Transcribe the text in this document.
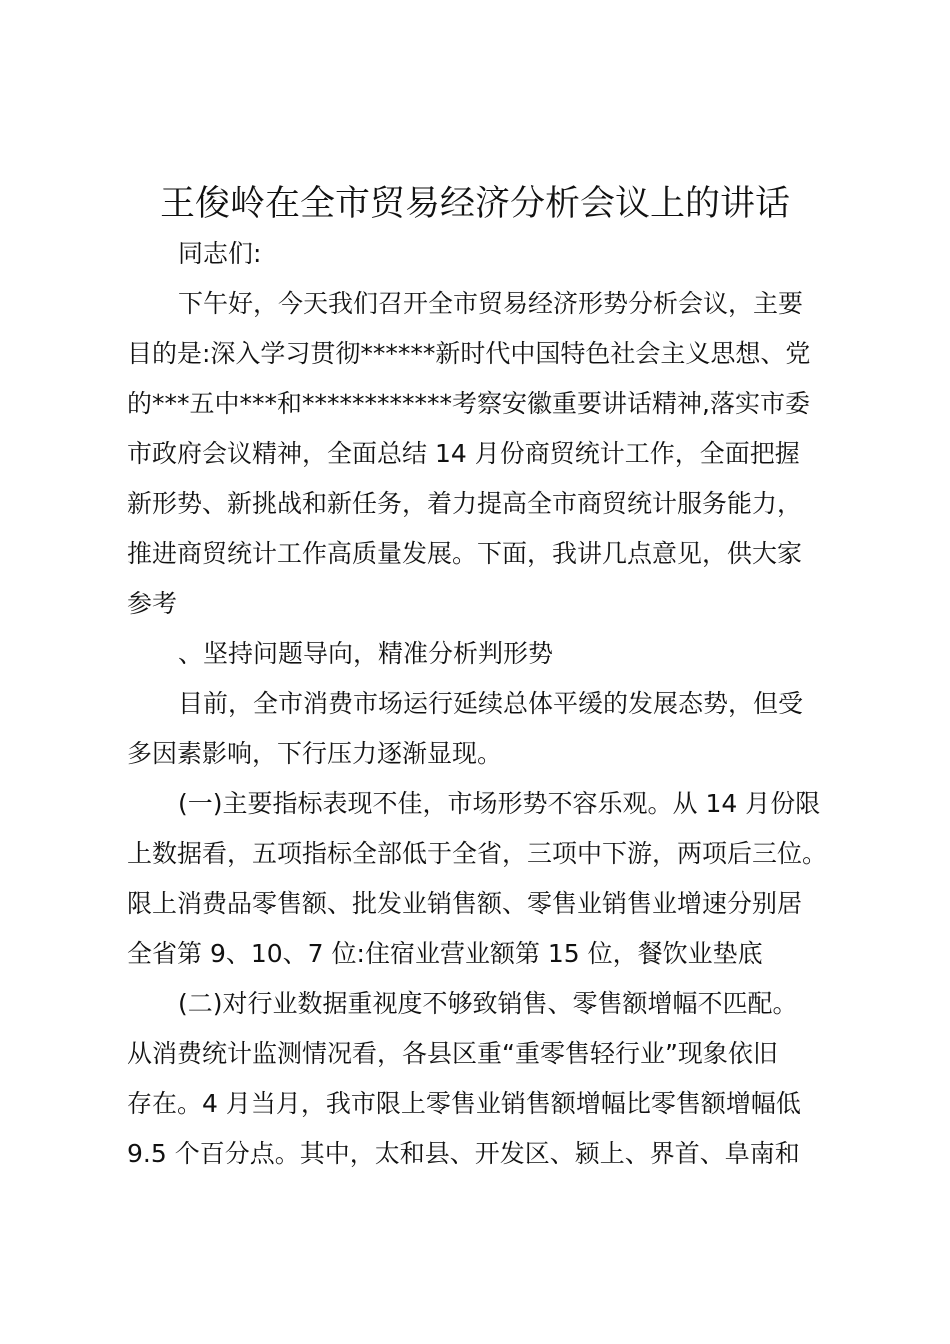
王俊岭在全市贸易经济分析会议上的讲话
同志们:
下午好，今天我们召开全市贸易经济形势分析会议，主要
目的是:深入学习贯彻******新时代中国特色社会主义思想、党
的***五中***和************考察安徽重要讲话精神,落实市委
市政府会议精神，全面总结 14 月份商贸统计工作，全面把握
新形势、新挑战和新任务，着力提高全市商贸统计服务能力，
推进商贸统计工作高质量发展。下面，我讲几点意见，供大家
参考
、坚持问题导向，精准分析判形势
目前，全市消费市场运行延续总体平缓的发展态势，但受
多因素影响，下行压力逐渐显现。
(一)主要指标表现不佳，市场形势不容乐观。从 14 月份限
上数据看，五项指标全部低于全省，三项中下游，两项后三位。
限上消费品零售额、批发业销售额、零售业销售业增速分别居
全省第 9、10、7 位:住宿业营业额第 15 位，餐饮业垫底
(二)对行业数据重视度不够致销售、零售额增幅不匹配。
从消费统计监测情况看，各县区重“重零售轻行业”现象依旧
存在。4 月当月，我市限上零售业销售额增幅比零售额增幅低
9.5 个百分点。其中，太和县、开发区、颍上、界首、阜南和
